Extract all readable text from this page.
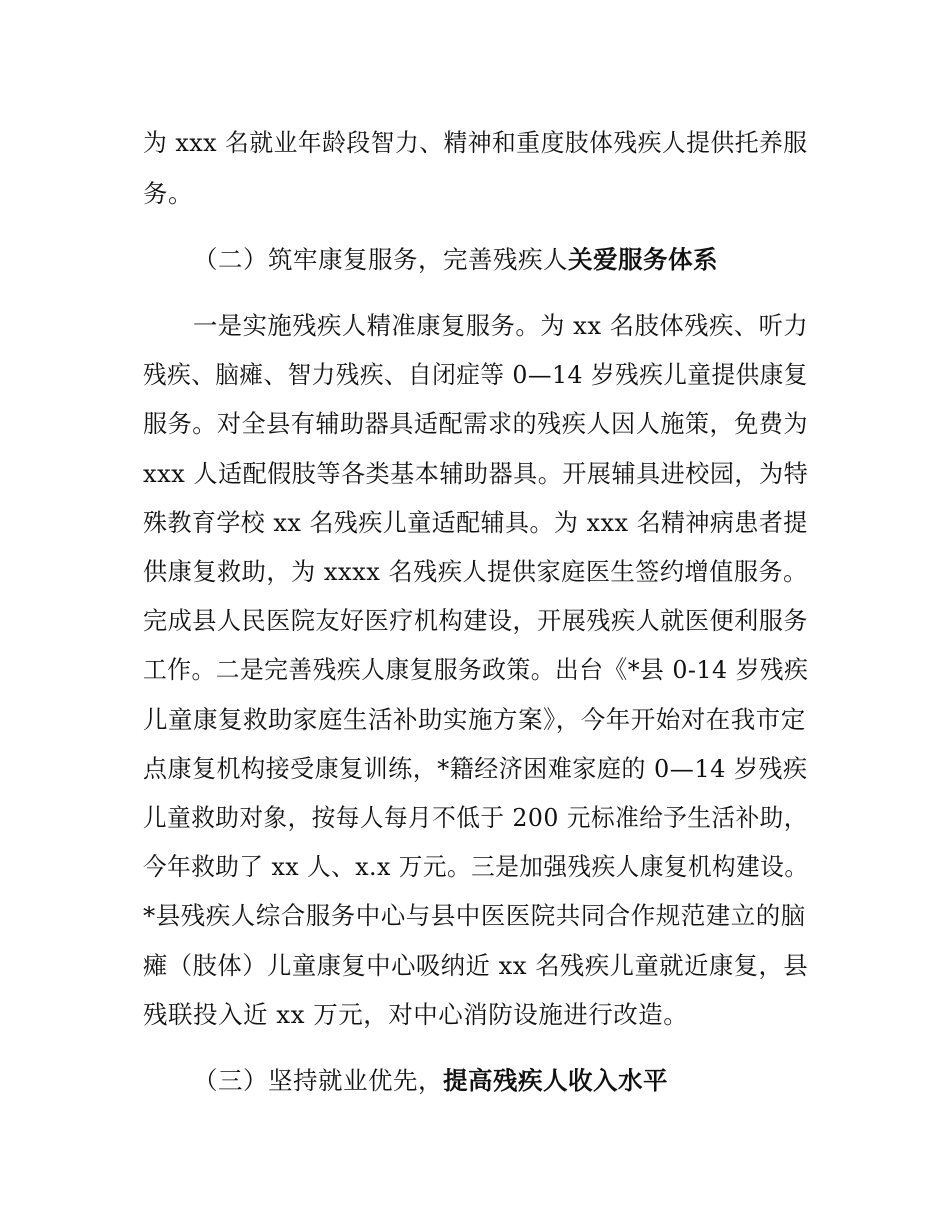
为 xxx 名就业年龄段智力、精神和重度肢体残疾人提供托养服
务。
（二）筑牢康复服务，完善残疾人关爱服务体系
一是实施残疾人精准康复服务。为 xx 名肢体残疾、听力
残疾、脑瘫、智力残疾、自闭症等 0—14 岁残疾儿童提供康复
服务。对全县有辅助器具适配需求的残疾人因人施策，免费为
xxx 人适配假肢等各类基本辅助器具。开展辅具进校园，为特
殊教育学校 xx 名残疾儿童适配辅具。为 xxx 名精神病患者提
供康复救助，为 xxxx 名残疾人提供家庭医生签约增值服务。
完成县人民医院友好医疗机构建设，开展残疾人就医便利服务
工作。二是完善残疾人康复服务政策。出台《*县 0-14 岁残疾
儿童康复救助家庭生活补助实施方案》，今年开始对在我市定
点康复机构接受康复训练，*籍经济困难家庭的 0—14 岁残疾
儿童救助对象，按每人每月不低于 200 元标准给予生活补助，
今年救助了 xx 人、x.x 万元。三是加强残疾人康复机构建设。
*县残疾人综合服务中心与县中医医院共同合作规范建立的脑
瘫（肢体）儿童康复中心吸纳近 xx 名残疾儿童就近康复，县
残联投入近 xx 万元，对中心消防设施进行改造。
（三）坚持就业优先，提高残疾人收入水平
